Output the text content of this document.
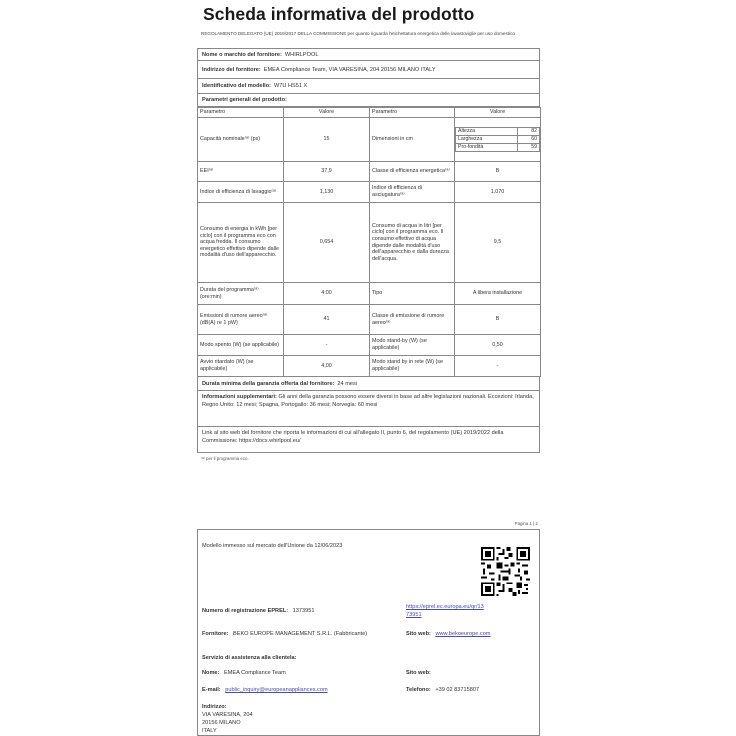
Scheda informativa del prodotto
REGOLAMENTO DELEGATO (UE) 2019/2017 DELLA COMMISSIONE per quanto riguarda l'etichettatura energetica delle lavastoviglie per uso domestico
Nome o marchio del fornitore: WHIRLPOOL
Indirizzo del fornitore: EMEA Compliance Team, VIA VARESINA, 204 20156 MILANO ITALY
Identificativo del modello: W7U HS51 X
Parametri generali del prodotto:
Parametro	Valore	Parametro	Valore
Capacità nominale⁽ᵃ⁾ (ps)	15	Dimensioni in cm	
Altezza	82
Larghezza	60
Pro-fondità	59

EEI⁽ᵃ⁾	37,9	Classe di efficienza energetica⁽ᵃ⁾	B
Indice di efficienza di lavaggio⁽ᵃ⁾	1,130	Indice di efficienza di asciugatura⁽ᵃ⁾	1,070
Consumo di energia in kWh [per ciclo] con il programma eco con acqua fredda. Il consumo energetico effettivo dipende dalle modalità d'uso dell'apparecchio.	0,654	Consumo di acqua in litri [per ciclo] con il programma eco. Il consumo effettivo di acqua dipende dalle modalità d'uso dell'apparecchio e dalla durezza dell'acqua.	9,5
Durata del programma⁽ᵃ⁾ (ore:min)	4:00	Tipo	A libera installazione
Emissioni di rumore aereo⁽ᵃ⁾ (dB(A) re 1 pW)	41	Classe di emissione di rumore aereo⁽ᵃ⁾	B
Modo spento (W) (se applicabile)	-	Modo stand-by (W) (se applicabile)	0,50
Avvio ritardato (W) (se applicabile)	4,00	Modo stand by in rete (W) (se applicabile)	-
Durata minima della garanzia offerta dal fornitore: 24 mesi
Informazioni supplementari: Gli anni della garanzia possono essere diversi in base ad altre legislazioni nazionali. Eccezioni: Irlanda, Regno Unito: 12 mesi; Spagna, Portogallo: 36 mesi; Norvegia: 60 mesi
Link al sito web del fornitore che riporta le informazioni di cui all'allegato II, punto 6, del regolamento (UE) 2019/2022 della Commissione: https://docs.whirlpool.eu/
⁽ᵃ⁾ per il programma eco.
Pagina 1 | 2
Modello immesso sul mercato dell'Unione da 12/06/2023
Numero di registrazione EPREL: 1373951
https://eprel.ec.europa.eu/qr/1373951
Fornitore: BEKO EUROPE MANAGEMENT S.R.L. (Fabbricante)	Sito web: www.bekoeurope.com
Servizio di assistenza alla clientela:
Nome: EMEA Compliance Team	Sito web:
E-mail: public_inquiry@europeanappliances.com	Telefono: +39 02 83715807
Indirizzo:
VIA VARESINA, 204
20156 MILANO
ITALY
